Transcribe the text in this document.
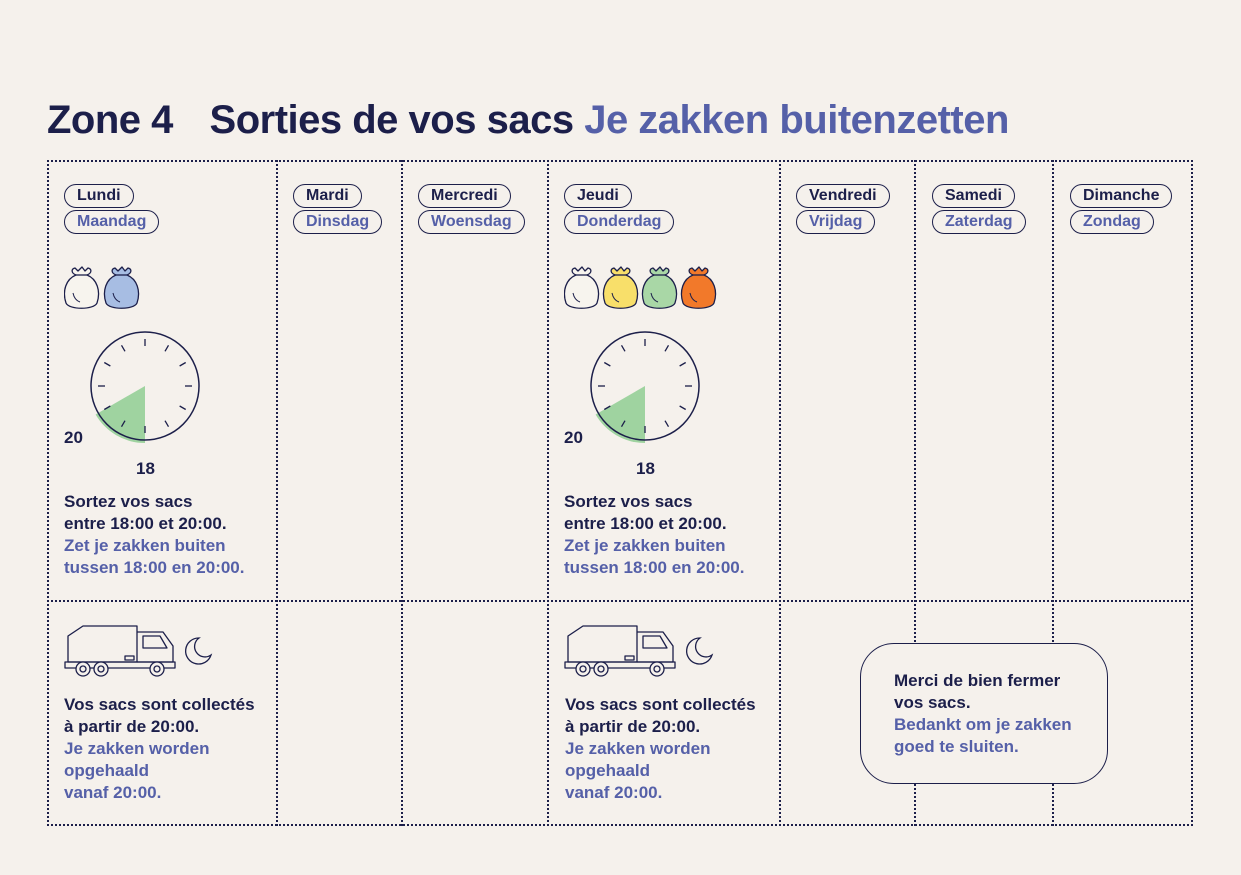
Zone 4 Sorties de vos sacs Je zakken buitenzetten
Lundi
Maandag
Mardi
Dinsdag
Mercredi
Woensdag
Jeudi
Donderdag
Vendredi
Vrijdag
Samedi
Zaterdag
Dimanche
Zondag
20
18
20
18
Sortez vos sacs
entre 18:00 et 20:00.
Zet je zakken buiten
tussen 18:00 en 20:00.
Sortez vos sacs
entre 18:00 et 20:00.
Zet je zakken buiten
tussen 18:00 en 20:00.
Vos sacs sont collectés
à partir de 20:00.
Je zakken worden
opgehaald
vanaf 20:00.
Vos sacs sont collectés
à partir de 20:00.
Je zakken worden
opgehaald
vanaf 20:00.
Merci de bien fermer
vos sacs.
Bedankt om je zakken
goed te sluiten.
